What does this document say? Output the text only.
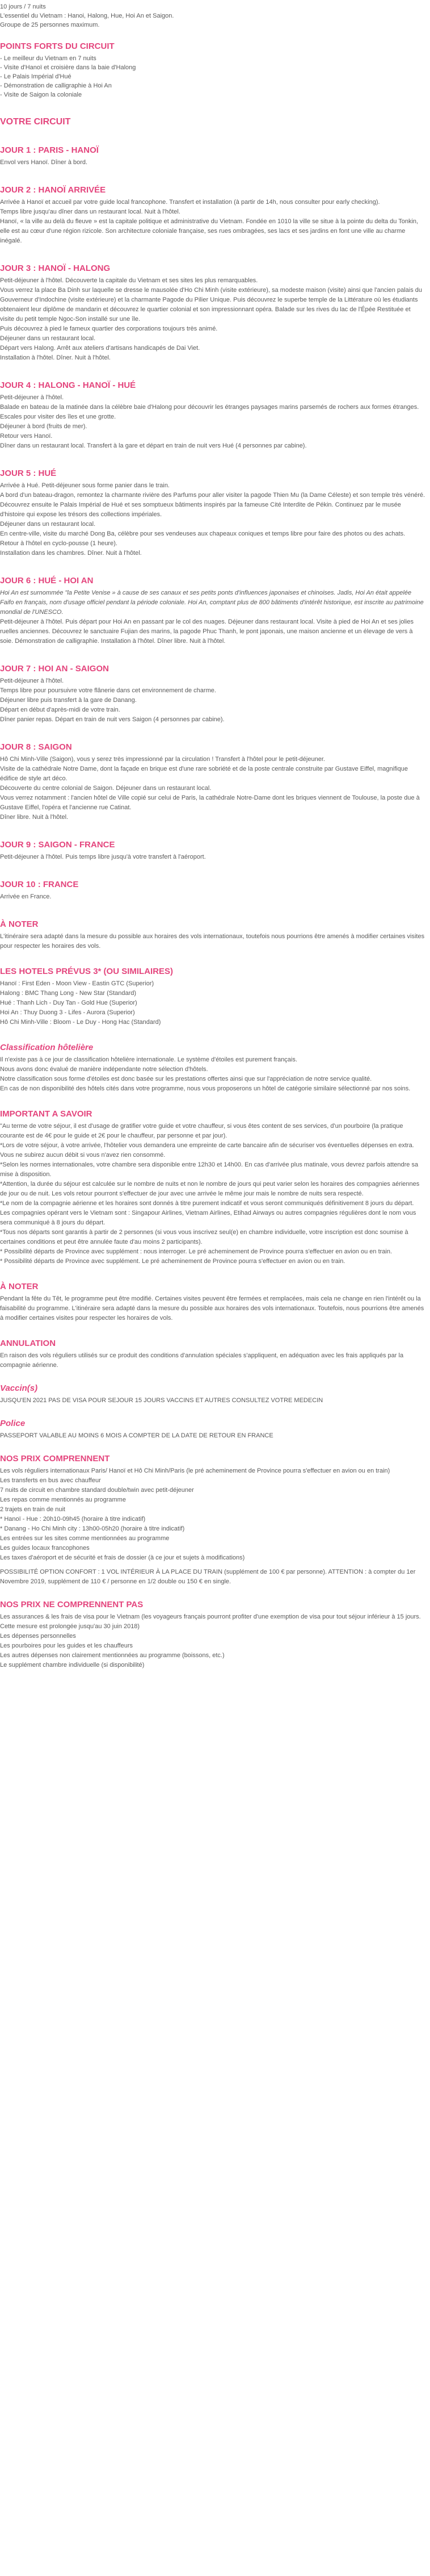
10 jours / 7 nuits
L'essentiel du Vietnam : Hanoi, Halong, Hue, Hoi An et Saigon.
Groupe de 25 personnes maximum.
POINTS FORTS DU CIRCUIT
- Le meilleur du Vietnam en 7 nuits
- Visite d'Hanoï et croisière dans la baie d'Halong
- Le Palais Impérial d'Hué
- Démonstration de calligraphie à Hoi An
- Visite de Saigon la coloniale
VOTRE CIRCUIT
JOUR 1 : PARIS - HANOÏ
Envol vers Hanoï. Dîner à bord.
JOUR 2 : HANOÏ ARRIVÉE
Arrivée à Hanoï et accueil par votre guide local francophone. Transfert et installation (à partir de 14h, nous consulter pour early checking).
Temps libre jusqu'au dîner dans un restaurant local. Nuit à l'hôtel.
Hanoï, « la ville au delà du fleuve » est la capitale politique et administrative du Vietnam. Fondée en 1010 la ville se situe à la pointe du delta du Tonkin, elle est au cœur d'une région rizicole. Son architecture coloniale française, ses rues ombragées, ses lacs et ses jardins en font une ville au charme inégalé.
JOUR 3 : HANOÏ - HALONG
Petit-déjeuner à l'hôtel. Découverte la capitale du Vietnam et ses sites les plus remarquables.
Vous verrez la place Ba Dinh sur laquelle se dresse le mausolée d'Ho Chi Minh (visite extérieure), sa modeste maison (visite) ainsi que l'ancien palais du Gouverneur d'Indochine (visite extérieure) et la charmante Pagode du Pilier Unique. Puis découvrez le superbe temple de la Littérature où les étudiants obtenaient leur diplôme de mandarin et découvrez le quartier colonial et son impressionnant opéra. Balade sur les rives du lac de l'Épée Restituée et visite du petit temple Ngoc-Son installé sur une île.
Puis découvrez à pied le fameux quartier des corporations toujours très animé.
Déjeuner dans un restaurant local.
Départ vers Halong. Arrêt aux ateliers d'artisans handicapés de Dai Viet.
Installation à l'hôtel. Dîner. Nuit à l'hôtel.
JOUR 4 : HALONG - HANOÏ - HUÉ
Petit-déjeuner à l'hôtel.
Balade en bateau de la matinée dans la célèbre baie d'Halong pour découvrir les étranges paysages marins parsemés de rochers aux formes étranges.
Escales pour visiter des îles et une grotte.
Déjeuner à bord (fruits de mer).
Retour vers Hanoï.
Dîner dans un restaurant local. Transfert à la gare et départ en train de nuit vers Hué (4 personnes par cabine).
JOUR 5 : HUÉ
Arrivée à Hué. Petit-déjeuner sous forme panier dans le train.
A bord d'un bateau-dragon, remontez la charmante rivière des Parfums pour aller visiter la pagode Thien Mu (la Dame Céleste) et son temple très vénéré.
Découvrez ensuite le Palais Impérial de Hué et ses somptueux bâtiments inspirés par la fameuse Cité Interdite de Pékin. Continuez par le musée d'histoire qui expose les trésors des collections impériales.
Déjeuner dans un restaurant local.
En centre-ville, visite du marché Dong Ba, célèbre pour ses vendeuses aux chapeaux coniques et temps libre pour faire des photos ou des achats.
Retour à l'hôtel en cyclo-pousse (1 heure).
Installation dans les chambres. Dîner. Nuit à l'hôtel.
JOUR 6 : HUÉ - HOI AN
Hoi An est surnommée "la Petite Venise » à cause de ses canaux et ses petits ponts d'influences japonaises et chinoises. Jadis, Hoi An était appelée Faifo en français, nom d'usage officiel pendant la période coloniale. Hoi An, comptant plus de 800 bâtiments d'intérêt historique, est inscrite au patrimoine mondial de l'UNESCO.
Petit-déjeuner à l'hôtel. Puis départ pour Hoi An en passant par le col des nuages. Déjeuner dans restaurant local. Visite à pied de Hoi An et ses jolies ruelles anciennes. Découvrez le sanctuaire Fujian des marins, la pagode Phuc Thanh, le pont japonais, une maison ancienne et un élevage de vers à soie. Démonstration de calligraphie. Installation à l'hôtel. Dîner libre. Nuit à l'hôtel.
JOUR 7 : HOI AN - SAIGON
Petit-déjeuner à l'hôtel.
Temps libre pour poursuivre votre flânerie dans cet environnement de charme.
Déjeuner libre puis transfert à la gare de Danang.
Départ en début d'après-midi de votre train.
Dîner panier repas. Départ en train de nuit vers Saigon (4 personnes par cabine).
JOUR 8 : SAIGON
Hô Chi Minh-Ville (Saigon), vous y serez très impressionné par la circulation ! Transfert à l'hôtel pour le petit-déjeuner.
Visite de la cathédrale Notre Dame, dont la façade en brique est d'une rare sobriété et de la poste centrale construite par Gustave Eiffel, magnifique édifice de style art déco.
Découverte du centre colonial de Saigon. Déjeuner dans un restaurant local.
Vous verrez notamment : l'ancien hôtel de Ville copié sur celui de Paris, la cathédrale Notre-Dame dont les briques viennent de Toulouse, la poste due à Gustave Eiffel, l'opéra et l'ancienne rue Catinat.
Dîner libre. Nuit à l'hôtel.
JOUR 9 : SAIGON - FRANCE
Petit-déjeuner à l'hôtel. Puis temps libre jusqu'à votre transfert à l'aéroport.
JOUR 10 : FRANCE
Arrivée en France.
À NOTER
L'itinéraire sera adapté dans la mesure du possible aux horaires des vols internationaux, toutefois nous pourrions être amenés à modifier certaines visites pour respecter les horaires des vols.
LES HOTELS PRÉVUS 3* (OU SIMILAIRES)
Hanoï : First Eden - Moon View - Eastin GTC (Superior)
Halong : BMC Thang Long - New Star (Standard)
Hué : Thanh Lich - Duy Tan - Gold Hue (Superior)
Hoi An : Thuy Duong 3 - Lifes - Aurora (Superior)
Hô Chi Minh-Ville : Bloom - Le Duy - Hong Hac (Standard)
Classification hôtelière
Il n'existe pas à ce jour de classification hôtelière internationale. Le système d'étoiles est purement français.
Nous avons donc évalué de manière indépendante notre sélection d'hôtels.
Notre classification sous forme d'étoiles est donc basée sur les prestations offertes ainsi que sur l'appréciation de notre service qualité.
En cas de non disponibilité des hôtels cités dans votre programme, nous vous proposerons un hôtel de catégorie similaire sélectionné par nos soins.
IMPORTANT A SAVOIR
"Au terme de votre séjour, il est d'usage de gratifier votre guide et votre chauffeur, si vous êtes content de ses services, d'un pourboire (la pratique courante est de 4€ pour le guide et 2€ pour le chauffeur, par personne et par jour).
*Lors de votre séjour, à votre arrivée, l'hôtelier vous demandera une empreinte de carte bancaire afin de sécuriser vos éventuelles dépenses en extra. Vous ne subirez aucun débit si vous n'avez rien consommé.
*Selon les normes internationales, votre chambre sera disponible entre 12h30 et 14h00. En cas d'arrivée plus matinale, vous devrez parfois attendre sa mise à disposition.
*Attention, la durée du séjour est calculée sur le nombre de nuits et non le nombre de jours qui peut varier selon les horaires des compagnies aériennes de jour ou de nuit. Les vols retour pourront s'effectuer de jour avec une arrivée le même jour mais le nombre de nuits sera respecté.
*Le nom de la compagnie aérienne et les horaires sont donnés à titre purement indicatif et vous seront communiqués définitivement 8 jours du départ. Les compagnies opérant vers le Vietnam sont : Singapour Airlines, Vietnam Airlines, Etihad Airways ou autres compagnies régulières dont le nom vous sera communiqué à 8 jours du départ.
*Tous nos départs sont garantis à partir de 2 personnes (si vous vous inscrivez seul(e) en chambre individuelle, votre inscription est donc soumise à certaines conditions et peut être annulée faute d'au moins 2 participants).
* Possibilité départs de Province avec supplément : nous interroger. Le pré acheminement de Province pourra s'effectuer en avion ou en train.
* Possibilité départs de Province avec supplément. Le pré acheminement de Province pourra s'effectuer en avion ou en train.
À NOTER
Pendant la fête du Têt, le programme peut être modifié. Certaines visites peuvent être fermées et remplacées, mais cela ne change en rien l'intérêt ou la faisabilité du programme. L'itinéraire sera adapté dans la mesure du possible aux horaires des vols internationaux. Toutefois, nous pourrions être amenés à modifier certaines visites pour respecter les horaires de vols.
ANNULATION
En raison des vols réguliers utilisés sur ce produit des conditions d'annulation spéciales s'appliquent, en adéquation avec les frais appliqués par la compagnie aérienne.
Vaccin(s)
JUSQU'EN 2021 PAS DE VISA POUR SEJOUR 15 JOURS VACCINS ET AUTRES CONSULTEZ VOTRE MEDECIN
Police
PASSEPORT VALABLE AU MOINS 6 MOIS A COMPTER DE LA DATE DE RETOUR EN FRANCE
NOS PRIX COMPRENNENT
Les vols réguliers internationaux Paris/ Hanoï et Hô Chi Minh/Paris (le pré acheminement de Province pourra s'effectuer en avion ou en train)
Les transferts en bus avec chauffeur
7 nuits de circuit en chambre standard double/twin avec petit-déjeuner
Les repas comme mentionnés au programme
2 trajets en train de nuit
* Hanoï - Hue : 20h10-09h45 (horaire à titre indicatif)
* Danang - Ho Chi Minh city : 13h00-05h20 (horaire à titre indicatif)
Les entrées sur les sites comme mentionnées au programme
Les guides locaux francophones
Les taxes d'aéroport et de sécurité et frais de dossier (à ce jour et sujets à modifications)
POSSIBILITÉ OPTION CONFORT : 1 VOL INTÉRIEUR À LA PLACE DU TRAIN (supplément de 100 € par personne). ATTENTION : à compter du 1er Novembre 2019, supplément de 110 € / personne en 1/2 double ou 150 € en single.
NOS PRIX NE COMPRENNENT PAS
Les assurances & les frais de visa pour le Vietnam (les voyageurs français pourront profiter d'une exemption de visa pour tout séjour inférieur à 15 jours. Cette mesure est prolongée jusqu'au 30 juin 2018)
Les dépenses personnelles
Les pourboires pour les guides et les chauffeurs
Les autres dépenses non clairement mentionnées au programme (boissons, etc.)
Le supplément chambre individuelle (si disponibilité)
